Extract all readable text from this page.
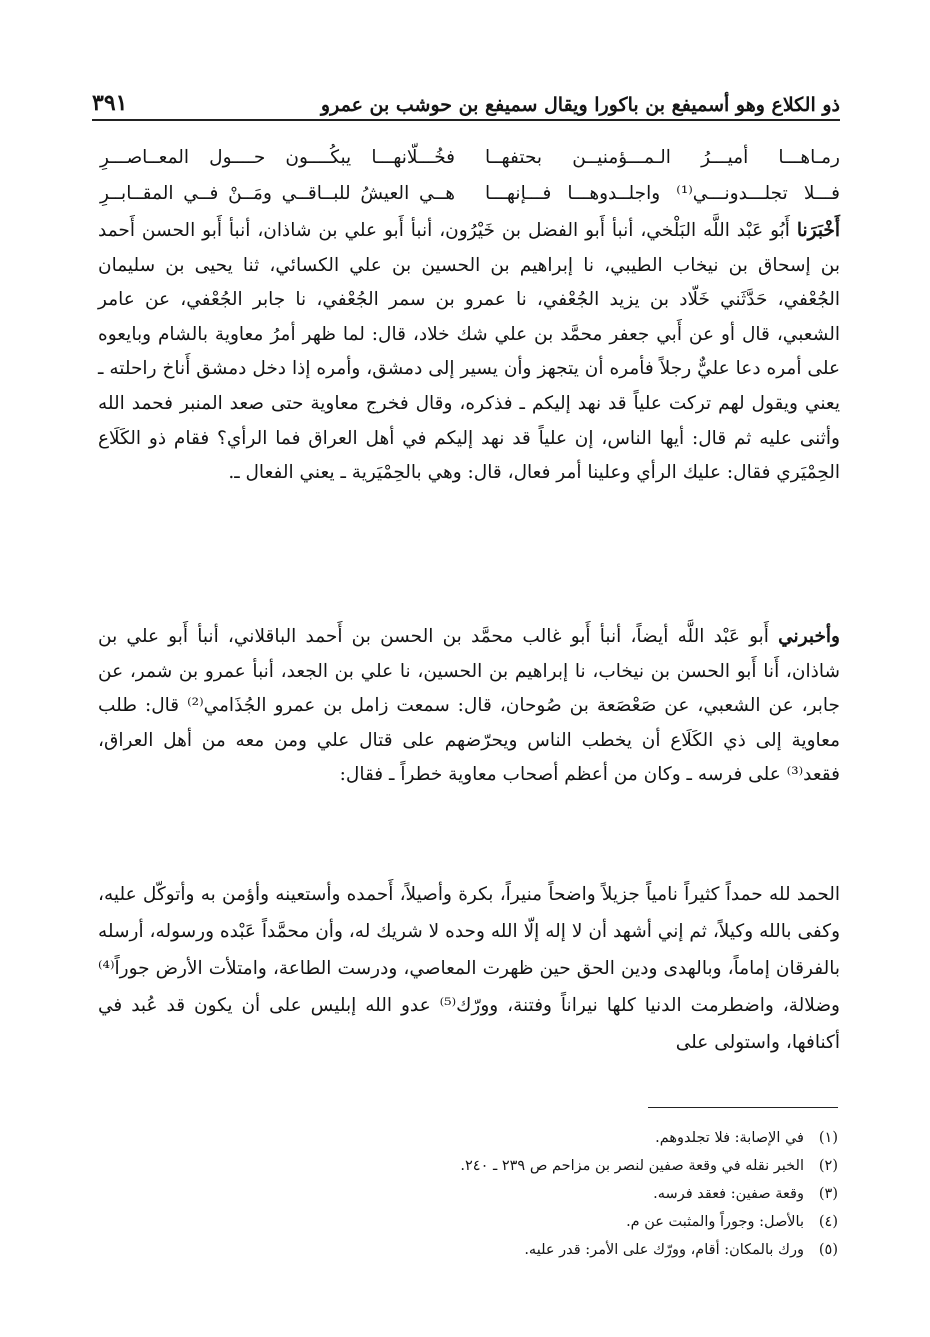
ذو الكلاع وهو أسميفع بن باكورا ويقال سميفع بن حوشب بن عمرو
٣٩١
رمـاهـــا أميـــرُ الـمـــؤمنيــن بحتفهــا
فخُـــلّانهـــا يبكُــــون حــــول المعــاصـــرِ
فـــلا تجلـــدونـــي⁽¹⁾ واجلــدوهـــا فـــإنهـــا
هــي العيشُ للبــاقــي ومَــنْ فــي المقــابــرِ

أَخْبَرَنا أَبُو عَبْد اللَّه البَلْخي، أنبأ أَبو الفضل بن خَيْرُون، أنبأ أَبو علي بن شاذان، أنبأ أَبو الحسن أَحمد بن إسحاق بن نيخاب الطيبي، نا إبراهيم بن الحسين بن علي الكسائي، ثنا يحيى بن سليمان الجُعْفي، حَدَّثَني خَلّاد بن يزيد الجُعْفي، نا عمرو بن سمر الجُعْفي، نا جابر الجُعْفي، عن عامر الشعبي، قال أو عن أَبي جعفر محمَّد بن علي شك خلاد، قال: لما ظهر أمرُ معاوية بالشام وبايعوه على أمره دعا عليٌّ رجلاً فأمره أن يتجهز وأن يسير إلى دمشق، وأمره إذا دخل دمشق أَناخ راحلته ـ يعني ويقول لهم تركت علياً قد نهد إليكم ـ فذكره، وقال فخرج معاوية حتى صعد المنبر فحمد الله وأثنى عليه ثم قال: أيها الناس، إن علياً قد نهد إليكم في أهل العراق فما الرأي؟ فقام ذو الكَلَاع الحِمْيَري فقال: عليك الرأي وعلينا أمر فعال، قال: وهي بالحِمْيَرية ـ يعني الفعال ـ.

وأخبرني أَبو عَبْد اللَّه أيضاً، أنبأ أَبو غالب محمَّد بن الحسن بن أَحمد الباقلاني، أنبأ أَبو علي بن شاذان، أَنا أَبو الحسن بن نيخاب، نا إبراهيم بن الحسين، نا علي بن الجعد، أنبأ عمرو بن شمر، عن جابر، عن الشعبي، عن صَعْصَعة بن صُوحان، قال: سمعت زامل بن عمرو الجُذَامي⁽²⁾ قال: طلب معاوية إلى ذي الكَلَاع أن يخطب الناس ويحرّضهم على قتال علي ومن معه من أهل العراق، فقعد⁽³⁾ على فرسه ـ وكان من أعظم أصحاب معاوية خطراً ـ فقال:

الحمد لله حمداً كثيراً نامياً جزيلاً واضحاً منيراً، بكرة وأصيلاً، أَحمده وأستعينه وأؤمن به وأتوكّل عليه، وكفى بالله وكيلاً، ثم إني أشهد أن لا إله إلّا الله وحده لا شريك له، وأن محمَّداً عَبْده ورسوله، أرسله بالفرقان إماماً، وبالهدى ودين الحق حين ظهرت المعاصي، ودرست الطاعة، وامتلأت الأرض جوراً⁽⁴⁾ وضلالة، واضطرمت الدنيا كلها نيراناً وفتنة، وورّك⁽⁵⁾ عدو الله إبليس على أن يكون قد عُبد في أكنافها، واستولى على

(١)في الإصابة: فلا تجلدوهم.
(٢)الخبر نقله في وقعة صفين لنصر بن مزاحم ص ٢٣٩ ـ ٢٤٠.
(٣)وقعة صفين: فعقد فرسه.
(٤)بالأصل: وجوراً والمثبت عن م.
(٥)ورك بالمكان: أقام، وورّك على الأمر: قدر عليه.
